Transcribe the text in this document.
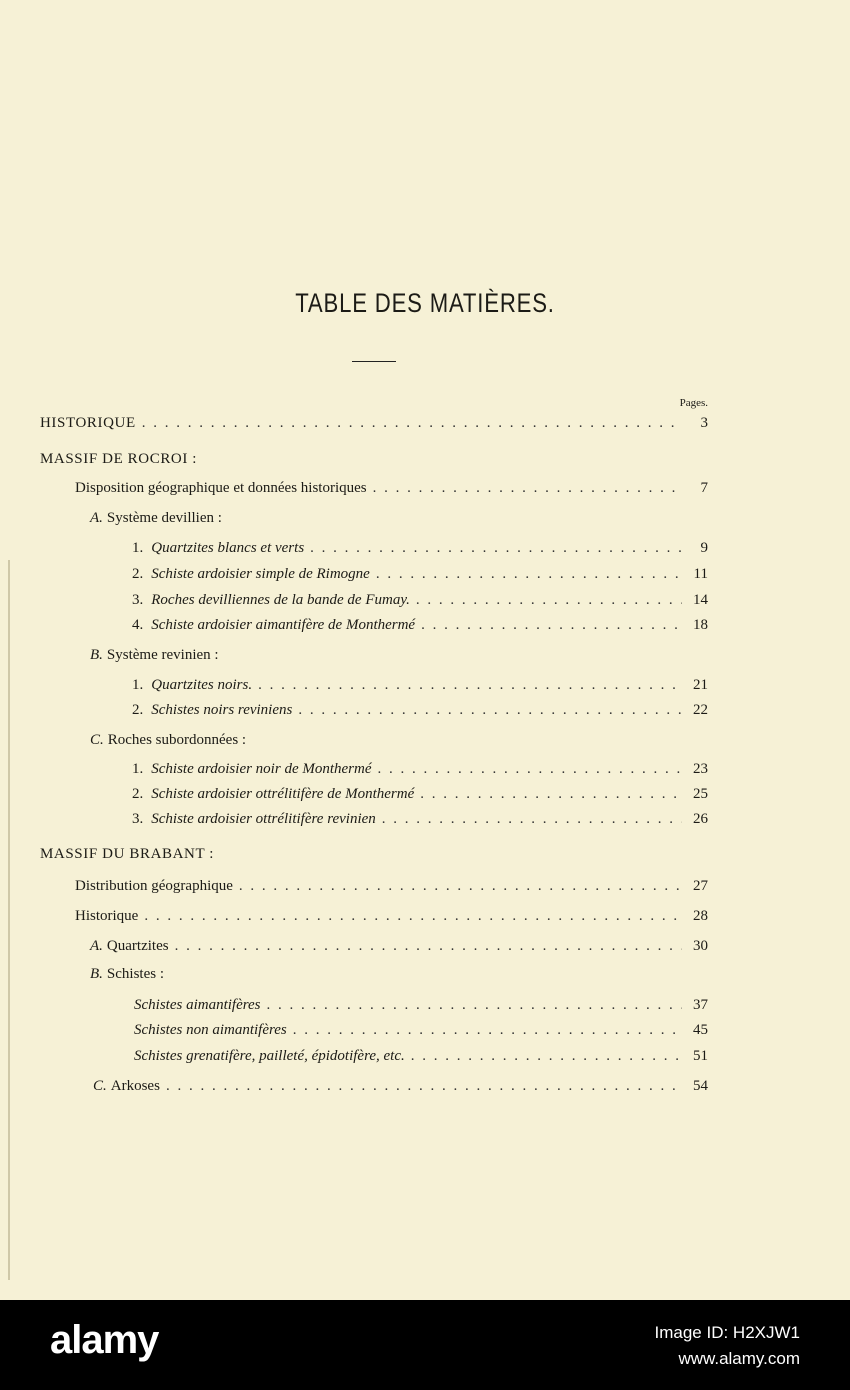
TABLE DES MATIÈRES.
Pages.
HISTORIQUE . . .	3
MASSIF DE ROCROI :
Disposition géographique et données historiques . . .	7
A. Système devillien :
1. Quartzites blancs et verts . . .	9
2. Schiste ardoisier simple de Rimogne . . .	11
3. Roches devilliennes de la bande de Fumay. . . .	14
4. Schiste ardoisier aimantifère de Monthermé . . .	18
B. Système revinien :
1. Quartzites noirs. . . .	21
2. Schistes noirs reviniens . . .	22
C. Roches subordonnées :
1. Schiste ardoisier noir de Monthermé . . .	23
2. Schiste ardoisier ottrélitifère de Monthermé . . .	25
3. Schiste ardoisier ottrélitifère revinien . . .	26
MASSIF DU BRABANT :
Distribution géographique . . .	27
Historique . . .	28
A. Quartzites . . .	30
B. Schistes :
Schistes aimantifères . . .	37
Schistes non aimantifères . . .	45
Schistes grenatifère, pailleté, épidotifère, etc. . . .	51
C. Arkoses . . .	54
alamy	Image ID: H2XJW1
www.alamy.com
